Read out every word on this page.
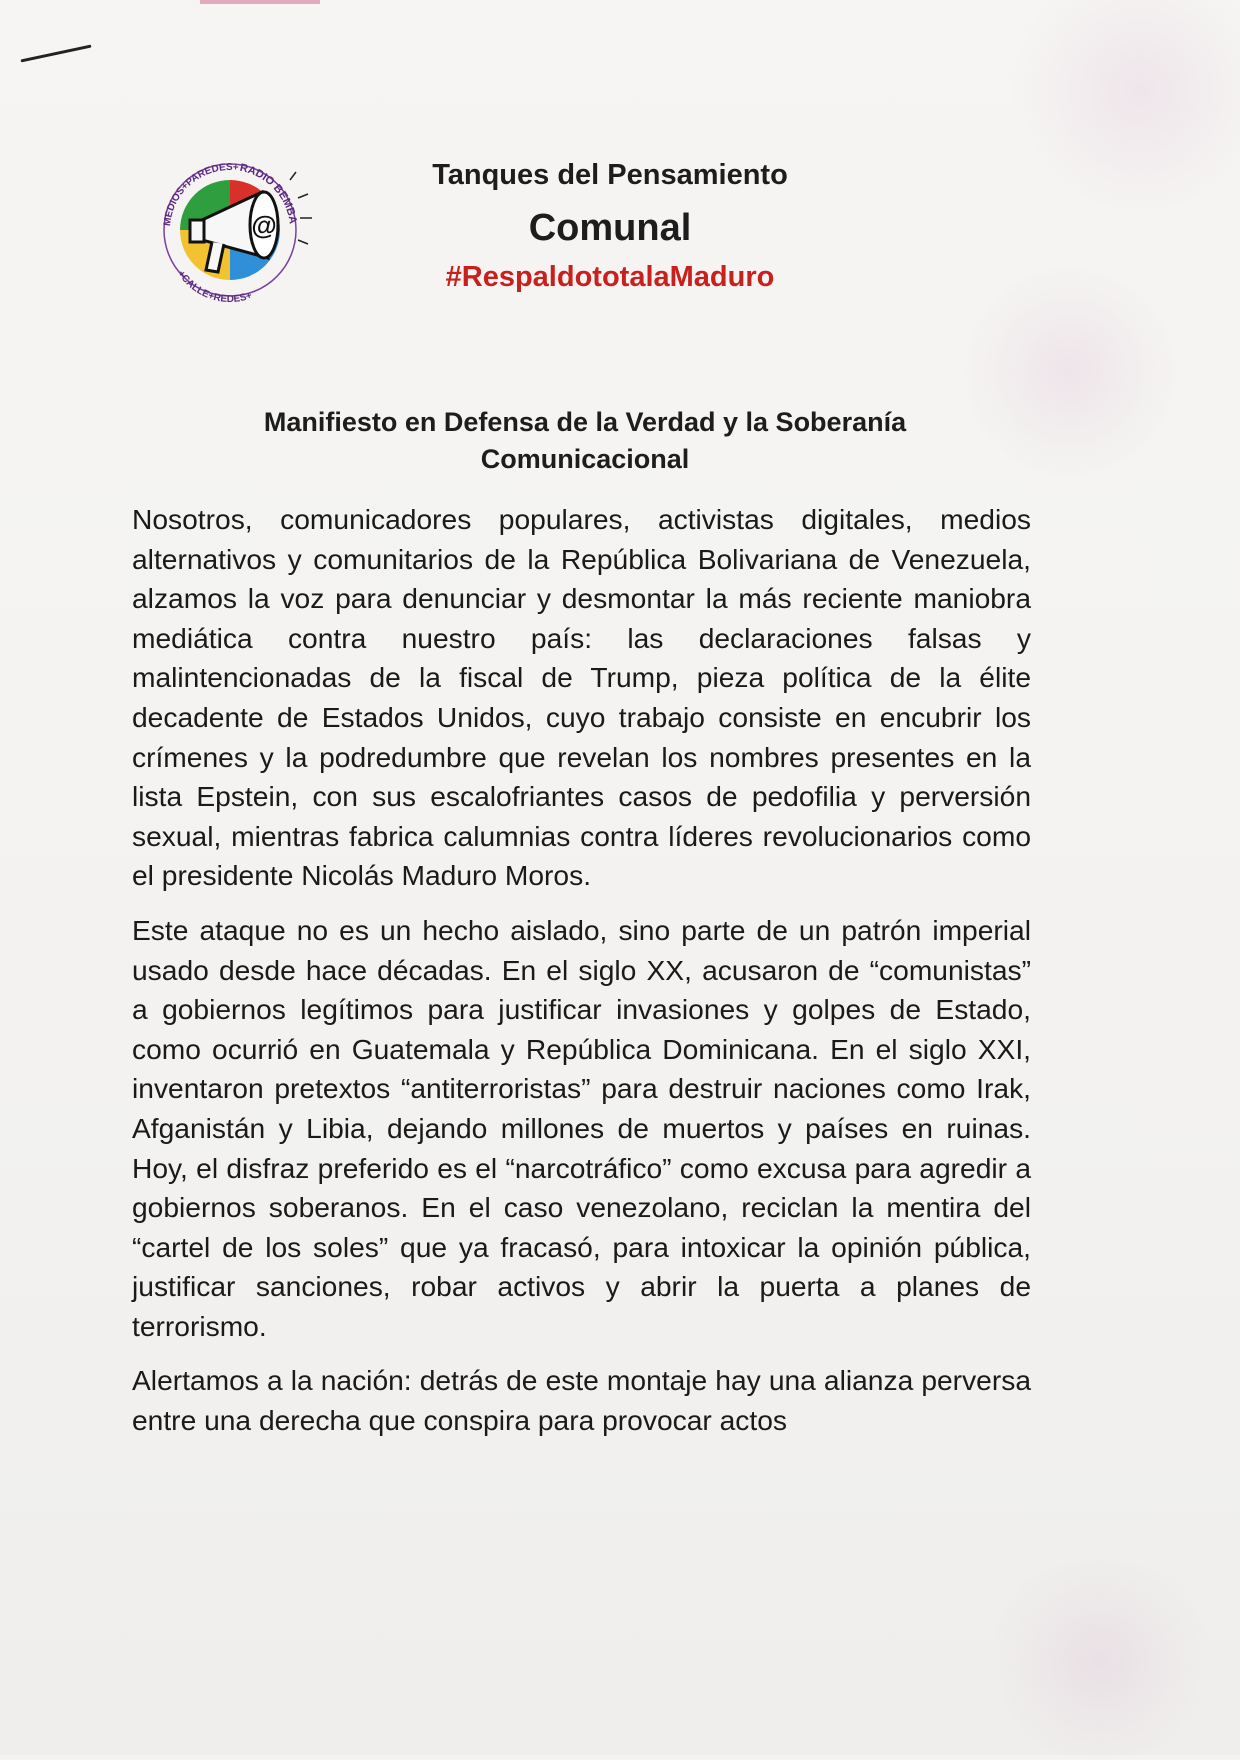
@
RADIO BEMBA
MEDIOS+PAREDES+
+CALLE+REDES+

Tanques del Pensamiento

Comunal

#RespaldototalaMaduro

Manifiesto en Defensa de la Verdad y la Soberanía
Comunicacional

Nosotros, comunicadores populares, activistas digitales, medios alternativos y comunitarios de la República Bolivariana de Venezuela, alzamos la voz para denunciar y desmontar la más reciente maniobra mediática contra nuestro país: las declaraciones falsas y malintencionadas de la fiscal de Trump, pieza política de la élite decadente de Estados Unidos, cuyo trabajo consiste en encubrir los crímenes y la podredumbre que revelan los nombres presentes en la lista Epstein, con sus escalofriantes casos de pedofilia y perversión sexual, mientras fabrica calumnias contra líderes revolucionarios como el presidente Nicolás Maduro Moros.

Este ataque no es un hecho aislado, sino parte de un patrón imperial usado desde hace décadas. En el siglo XX, acusaron de “comunistas” a gobiernos legítimos para justificar invasiones y golpes de Estado, como ocurrió en Guatemala y República Dominicana. En el siglo XXI, inventaron pretextos “antiterroristas” para destruir naciones como Irak, Afganistán y Libia, dejando millones de muertos y países en ruinas. Hoy, el disfraz preferido es el “narcotráfico” como excusa para agredir a gobiernos soberanos. En el caso venezolano, reciclan la mentira del “cartel de los soles” que ya fracasó, para intoxicar la opinión pública, justificar sanciones, robar activos y abrir la puerta a planes de terrorismo.

Alertamos a la nación: detrás de este montaje hay una alianza perversa entre una derecha que conspira para provocar actos
